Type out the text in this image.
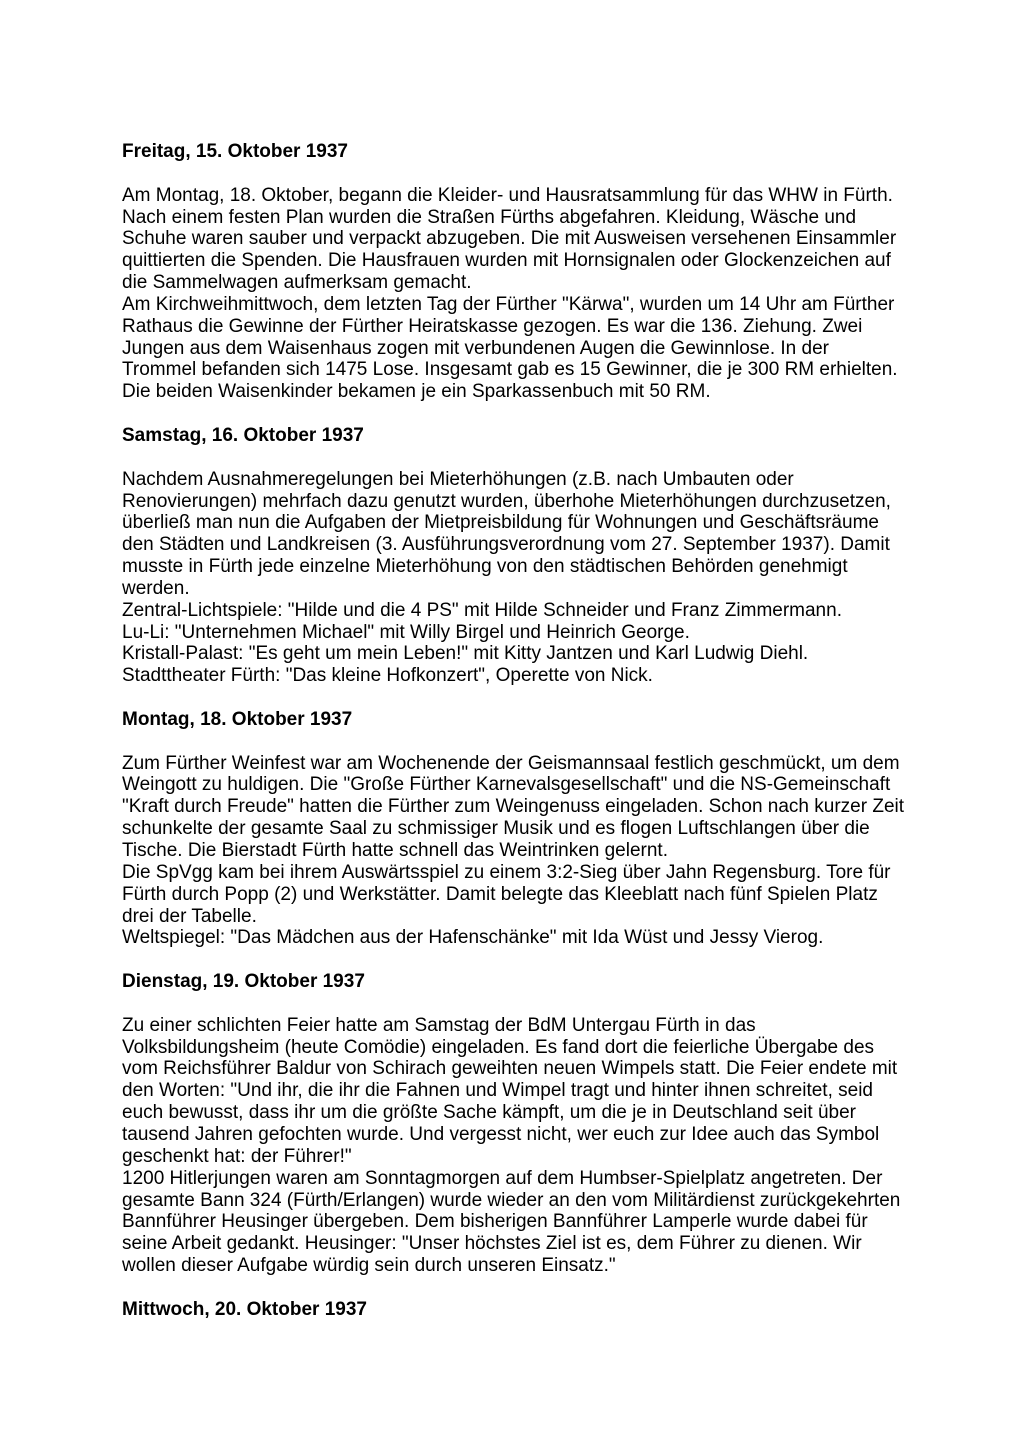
Freitag, 15. Oktober 1937

Am Montag, 18. Oktober, begann die Kleider- und Hausratsammlung für das WHW in Fürth. Nach einem festen Plan wurden die Straßen Fürths abgefahren. Kleidung, Wäsche und Schuhe waren sauber und verpackt abzugeben. Die mit Ausweisen versehenen Einsammler quittierten die Spenden. Die Hausfrauen wurden mit Hornsignalen oder Glockenzeichen auf die Sammelwagen aufmerksam gemacht.

Am Kirchweihmittwoch, dem letzten Tag der Fürther "Kärwa", wurden um 14 Uhr am Fürther Rathaus die Gewinne der Fürther Heiratskasse gezogen. Es war die 136. Ziehung. Zwei Jungen aus dem Waisenhaus zogen mit verbundenen Augen die Gewinnlose. In der Trommel befanden sich 1475 Lose. Insgesamt gab es 15 Gewinner, die je 300 RM erhielten. Die beiden Waisenkinder bekamen je ein Sparkassenbuch mit 50 RM.

Samstag, 16. Oktober 1937

Nachdem Ausnahmeregelungen bei Mieterhöhungen (z.B. nach Umbauten oder Renovierungen) mehrfach dazu genutzt wurden, überhohe Mieterhöhungen durchzusetzen, überließ man nun die Aufgaben der Mietpreisbildung für Wohnungen und Geschäftsräume den Städten und Landkreisen (3. Ausführungsverordnung vom 27. September 1937). Damit musste in Fürth jede einzelne Mieterhöhung von den städtischen Behörden genehmigt werden.

Zentral-Lichtspiele: "Hilde und die 4 PS" mit Hilde Schneider und Franz Zimmermann.

Lu-Li: "Unternehmen Michael" mit Willy Birgel und Heinrich George.

Kristall-Palast: "Es geht um mein Leben!" mit Kitty Jantzen und Karl Ludwig Diehl.

Stadttheater Fürth: "Das kleine Hofkonzert", Operette von Nick.

Montag, 18. Oktober 1937

Zum Fürther Weinfest war am Wochenende der Geismannsaal festlich geschmückt, um dem Weingott zu huldigen. Die "Große Fürther Karnevalsgesellschaft" und die NS-Gemeinschaft "Kraft durch Freude" hatten die Fürther zum Weingenuss eingeladen. Schon nach kurzer Zeit schunkelte der gesamte Saal zu schmissiger Musik und es flogen Luftschlangen über die Tische. Die Bierstadt Fürth hatte schnell das Weintrinken gelernt.

Die SpVgg kam bei ihrem Auswärtsspiel zu einem 3:2-Sieg über Jahn Regensburg. Tore für Fürth durch Popp (2) und Werkstätter. Damit belegte das Kleeblatt nach fünf Spielen Platz drei der Tabelle.

Weltspiegel: "Das Mädchen aus der Hafenschänke" mit Ida Wüst und Jessy Vierog.

Dienstag, 19. Oktober 1937

Zu einer schlichten Feier hatte am Samstag der BdM Untergau Fürth in das Volksbildungsheim (heute Comödie) eingeladen. Es fand dort die feierliche Übergabe des vom Reichsführer Baldur von Schirach geweihten neuen Wimpels statt. Die Feier endete mit den Worten: "Und ihr, die ihr die Fahnen und Wimpel tragt und hinter ihnen schreitet, seid euch bewusst, dass ihr um die größte Sache kämpft, um die je in Deutschland seit über tausend Jahren gefochten wurde. Und vergesst nicht, wer euch zur Idee auch das Symbol geschenkt hat: der Führer!"

1200 Hitlerjungen waren am Sonntagmorgen auf dem Humbser-Spielplatz angetreten. Der gesamte Bann 324 (Fürth/Erlangen) wurde wieder an den vom Militärdienst zurückgekehrten Bannführer Heusinger übergeben. Dem bisherigen Bannführer Lamperle wurde dabei für seine Arbeit gedankt. Heusinger: "Unser höchstes Ziel ist es, dem Führer zu dienen. Wir wollen dieser Aufgabe würdig sein durch unseren Einsatz."

Mittwoch, 20. Oktober 1937
